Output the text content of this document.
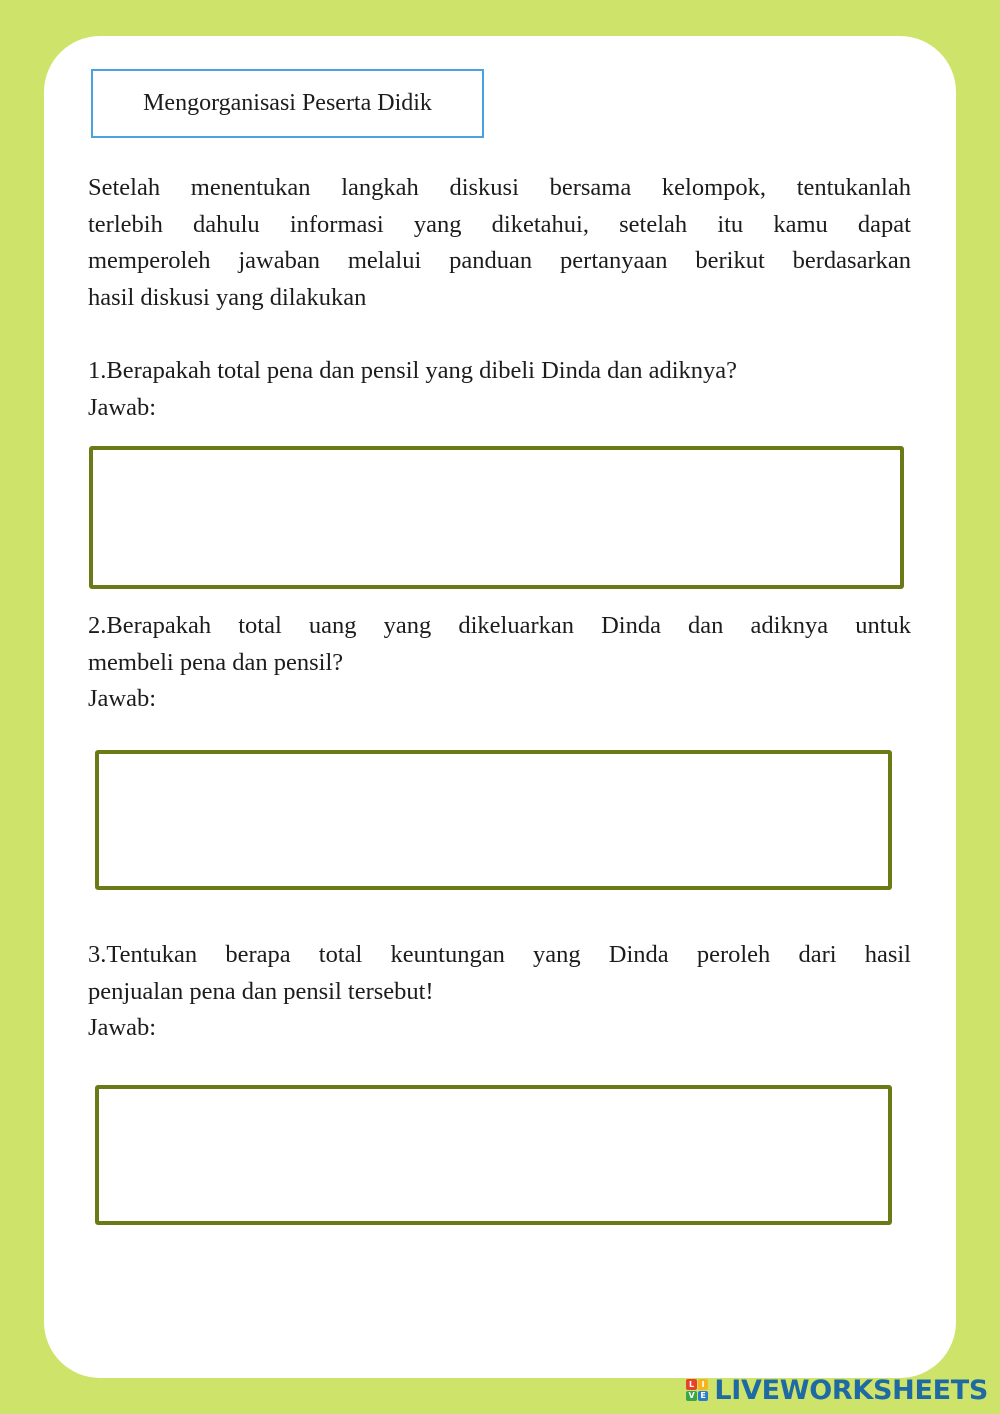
Mengorganisasi Peserta Didik
Setelah menentukan langkah diskusi bersama kelompok, tentukanlah
terlebih dahulu informasi yang diketahui, setelah itu kamu dapat
memperoleh jawaban melalui panduan pertanyaan berikut berdasarkan
hasil diskusi yang dilakukan
1.Berapakah total pena dan pensil yang dibeli Dinda dan adiknya?
Jawab:
2.Berapakah total uang yang dikeluarkan Dinda dan adiknya untuk
membeli pena dan pensil?
Jawab:
3.Tentukan berapa total keuntungan yang Dinda peroleh dari hasil
penjualan pena dan pensil tersebut!
Jawab:
L I
V E LIVEWORKSHEETS
